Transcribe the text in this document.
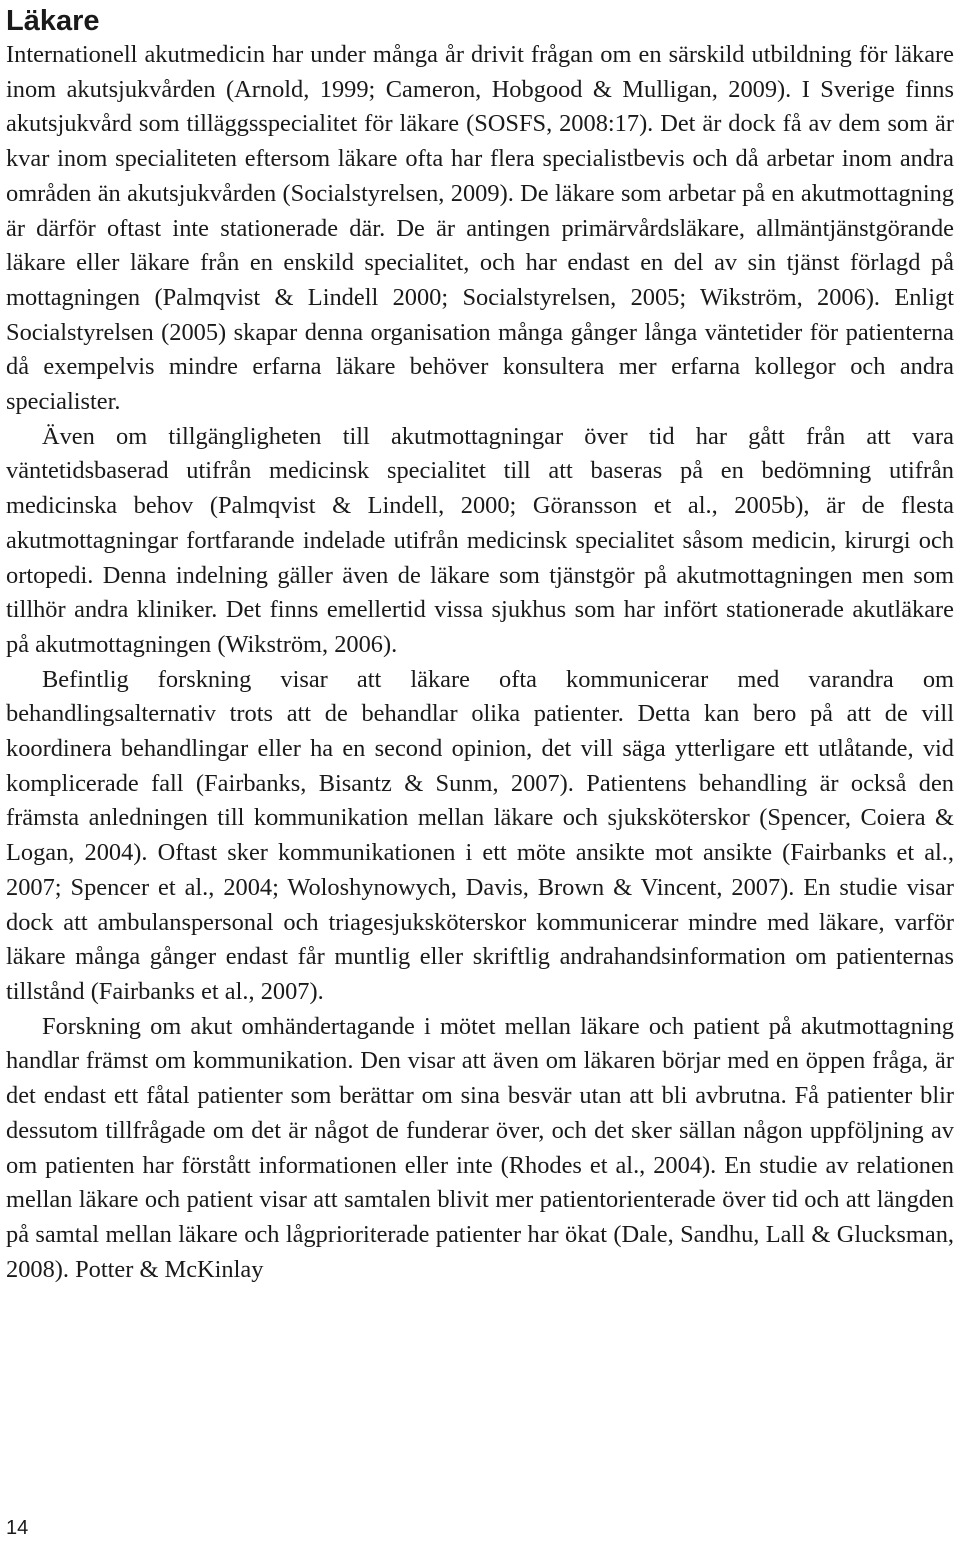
Läkare

Internationell akutmedicin har under många år drivit frågan om en särskild utbildning för läkare inom akutsjukvården (Arnold, 1999; Cameron, Hobgood & Mulligan, 2009). I Sverige finns akutsjukvård som tilläggsspecialitet för läkare (SOSFS, 2008:17). Det är dock få av dem som är kvar inom specialiteten eftersom läkare ofta har flera specialistbevis och då arbetar inom andra områden än akutsjukvården (Socialstyrelsen, 2009). De läkare som arbetar på en akutmottagning är därför oftast inte stationerade där. De är antingen primärvårdsläkare, allmäntjänstgörande läkare eller läkare från en enskild specialitet, och har endast en del av sin tjänst förlagd på mottagningen (Palmqvist & Lindell 2000; Socialstyrelsen, 2005; Wikström, 2006). Enligt Socialstyrelsen (2005) skapar denna organisation många gånger långa väntetider för patienterna då exempelvis mindre erfarna läkare behöver konsultera mer erfarna kollegor och andra specialister.

Även om tillgängligheten till akutmottagningar över tid har gått från att vara väntetidsbaserad utifrån medicinsk specialitet till att baseras på en bedömning utifrån medicinska behov (Palmqvist & Lindell, 2000; Göransson et al., 2005b), är de flesta akutmottagningar fortfarande indelade utifrån medicinsk specialitet såsom medicin, kirurgi och ortopedi. Denna indelning gäller även de läkare som tjänstgör på akutmottagningen men som tillhör andra kliniker. Det finns emellertid vissa sjukhus som har infört stationerade akutläkare på akutmottagningen (Wikström, 2006).

Befintlig forskning visar att läkare ofta kommunicerar med varandra om behandlingsalternativ trots att de behandlar olika patienter. Detta kan bero på att de vill koordinera behandlingar eller ha en second opinion, det vill säga ytterligare ett utlåtande, vid komplicerade fall (Fairbanks, Bisantz & Sunm, 2007). Patientens behandling är också den främsta anledningen till kommunikation mellan läkare och sjuksköterskor (Spencer, Coiera & Logan, 2004). Oftast sker kommunikationen i ett möte ansikte mot ansikte (Fairbanks et al., 2007; Spencer et al., 2004; Woloshynowych, Davis, Brown & Vincent, 2007). En studie visar dock att ambulanspersonal och triagesjuksköterskor kommunicerar mindre med läkare, varför läkare många gånger endast får muntlig eller skriftlig andrahandsinformation om patienternas tillstånd (Fairbanks et al., 2007).

Forskning om akut omhändertagande i mötet mellan läkare och patient på akutmottagning handlar främst om kommunikation. Den visar att även om läkaren börjar med en öppen fråga, är det endast ett fåtal patienter som berättar om sina besvär utan att bli avbrutna. Få patienter blir dessutom tillfrågade om det är något de funderar över, och det sker sällan någon uppföljning av om patienten har förstått informationen eller inte (Rhodes et al., 2004). En studie av relationen mellan läkare och patient visar att samtalen blivit mer patientorienterade över tid och att längden på samtal mellan läkare och lågprioriterade patienter har ökat (Dale, Sandhu, Lall & Glucksman, 2008). Potter & McKinlay

14
